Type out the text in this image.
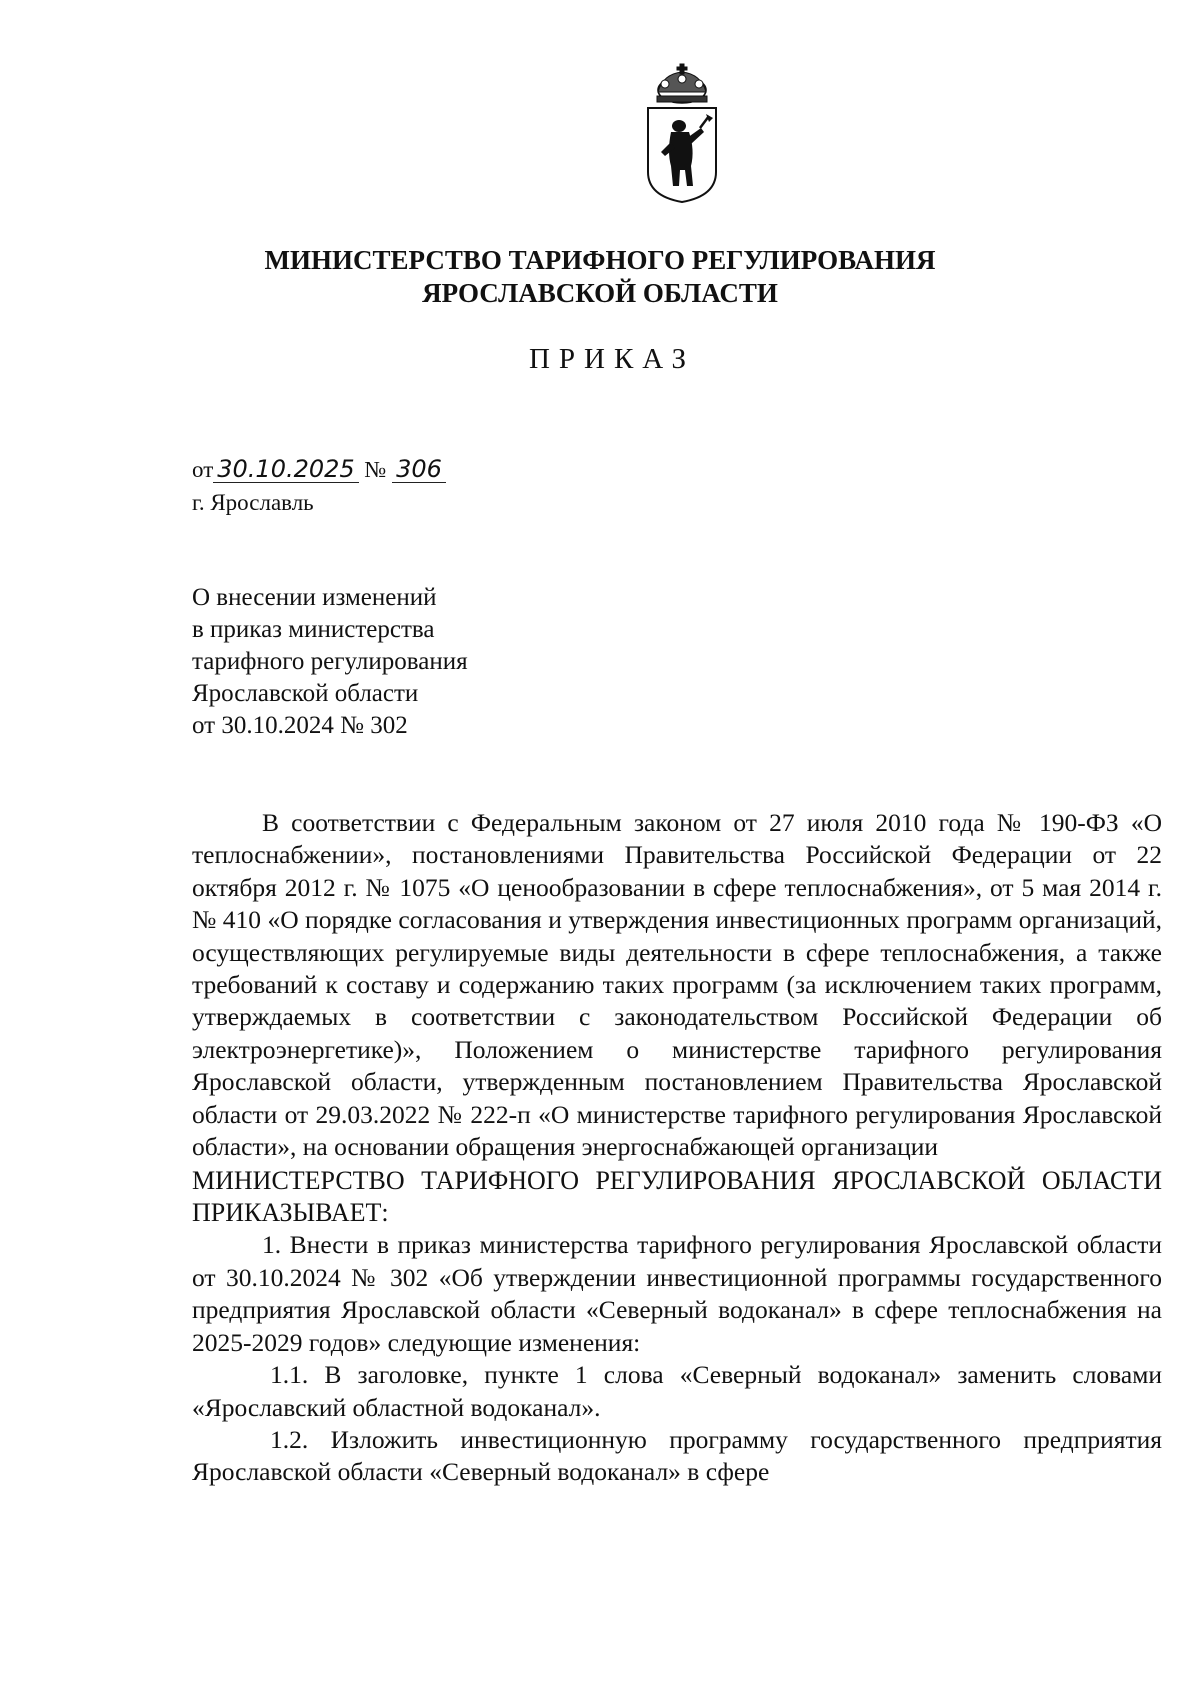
МИНИСТЕРСТВО ТАРИФНОГО РЕГУЛИРОВАНИЯ
ЯРОСЛАВСКОЙ ОБЛАСТИ
ПРИКАЗ
от 30.10.2025 № 306
г. Ярославль
О внесении изменений
в приказ министерства
тарифного регулирования
Ярославской области
от 30.10.2024 № 302

В соответствии с Федеральным законом от 27 июля 2010 года № 190-ФЗ «О теплоснабжении», постановлениями Правительства Российской Федерации от 22 октября 2012 г. № 1075 «О ценообразовании в сфере теплоснабжения», от 5 мая 2014 г. № 410 «О порядке согласования и утверждения инвестиционных программ организаций, осуществляющих регулируемые виды деятельности в сфере теплоснабжения, а также требований к составу и содержанию таких программ (за исключением таких программ, утверждаемых в соответствии с законодательством Российской Федерации об электроэнергетике)», Положением о министерстве тарифного регулирования Ярославской области, утвержденным постановлением Правительства Ярославской области от 29.03.2022 № 222-п «О министерстве тарифного регулирования Ярославской области», на основании обращения энергоснабжающей организации

МИНИСТЕРСТВО ТАРИФНОГО РЕГУЛИРОВАНИЯ ЯРОСЛАВСКОЙ ОБЛАСТИ ПРИКАЗЫВАЕТ:

1. Внести в приказ министерства тарифного регулирования Ярославской области от 30.10.2024 № 302 «Об утверждении инвестиционной программы государственного предприятия Ярославской области «Северный водоканал» в сфере теплоснабжения на 2025-2029 годов» следующие изменения:

1.1. В заголовке, пункте 1 слова «Северный водоканал» заменить словами «Ярославский областной водоканал».

1.2. Изложить инвестиционную программу государственного предприятия Ярославской области «Северный водоканал» в сфере
